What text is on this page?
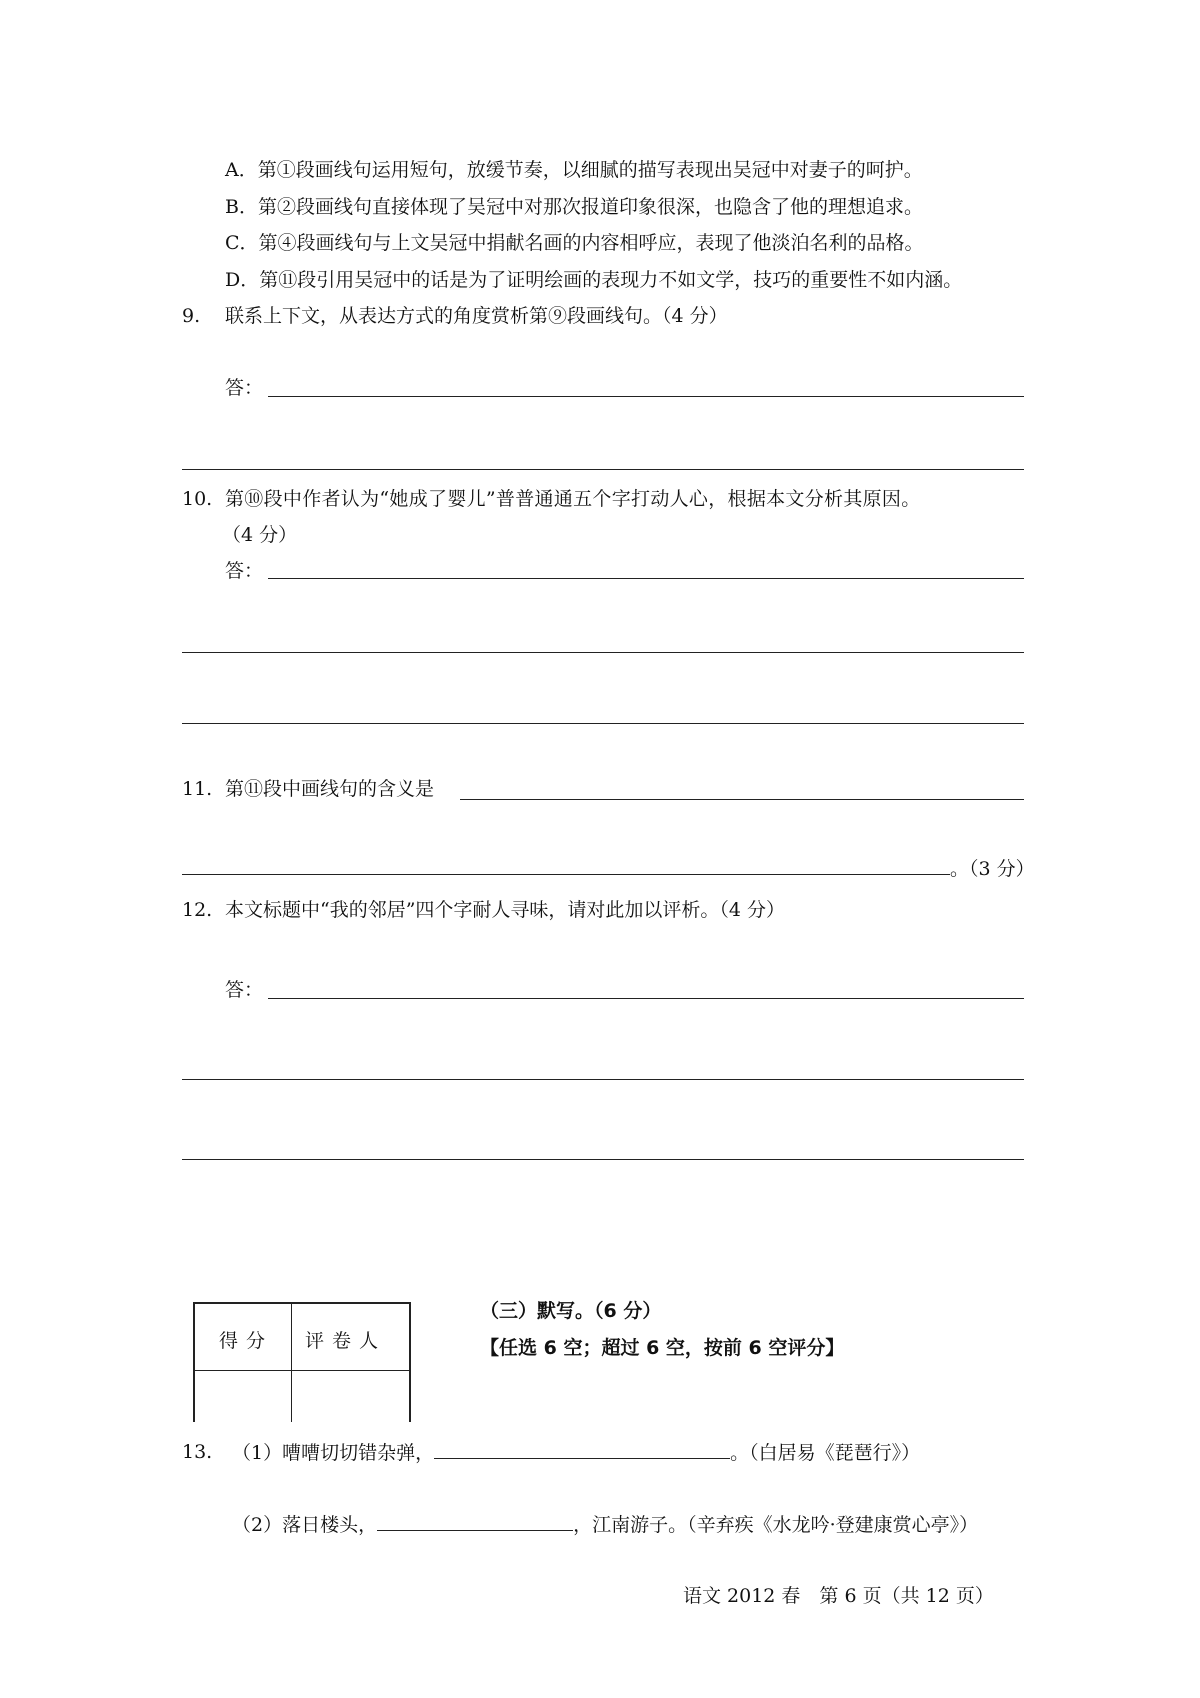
A．第①段画线句运用短句，放缓节奏，以细腻的描写表现出吴冠中对妻子的呵护。
B．第②段画线句直接体现了吴冠中对那次报道印象很深，也隐含了他的理想追求。
C．第④段画线句与上文吴冠中捐献名画的内容相呼应，表现了他淡泊名利的品格。
D．第⑪段引用吴冠中的话是为了证明绘画的表现力不如文学，技巧的重要性不如内涵。
9. 联系上下文，从表达方式的角度赏析第⑨段画线句。（4 分）
答：
10. 第⑩段中作者认为“她成了婴儿”普普通通五个字打动人心，根据本文分析其原因。
（4 分）
答：
11. 第⑪段中画线句的含义是
。（3 分）
12. 本文标题中“我的邻居”四个字耐人寻味，请对此加以评析。（4 分）
答：
得分 评卷人
（三）默写。（6 分）
【任选 6 空；超过 6 空，按前 6 空评分】
13. （1）嘈嘈切切错杂弹，	。（白居易《琵琶行》）
（2）落日楼头，	，江南游子。（辛弃疾《水龙吟·登建康赏心亭》）
语文 2012 春　第 6 页（共 12 页）
